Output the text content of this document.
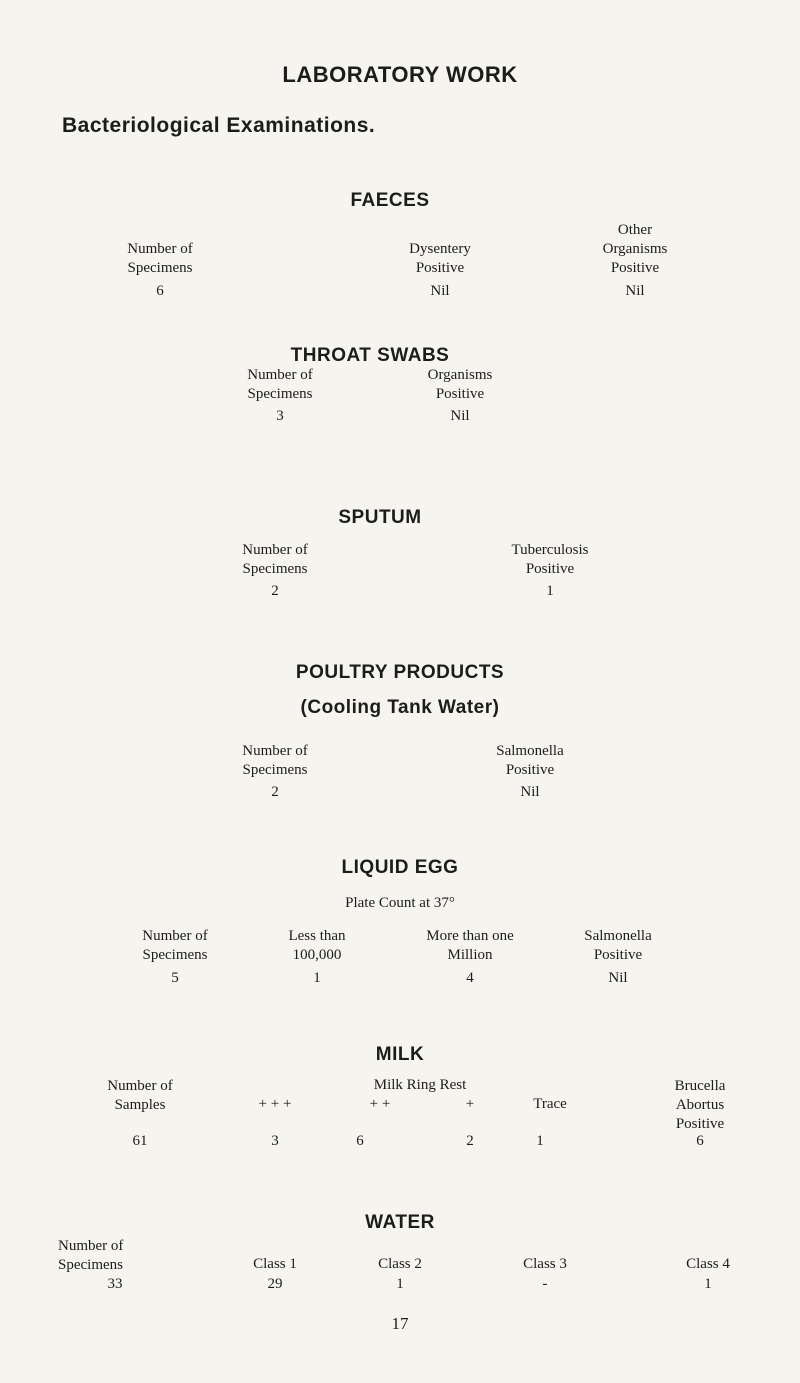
LABORATORY WORK
Bacteriological Examinations.
FAECES
Number of
Specimens
6
Dysentery
Positive
Nil
Other
Organisms
Positive
Nil
THROAT SWABS
Number of
Specimens
3
Organisms
Positive
Nil
SPUTUM
Number of
Specimens
2
Tuberculosis
Positive
1
POULTRY PRODUCTS
(Cooling Tank Water)
Number of
Specimens
2
Salmonella
Positive
Nil
LIQUID EGG
Plate Count at 37°
Number of
Specimens
5
Less than
100,000
1
More than one
Million
4
Salmonella
Positive
Nil
MILK
Milk Ring Rest
Number of
Samples
61
+ + +
3
+ +
6
+
2
Trace
1
Brucella
Abortus
Positive
6
WATER
Number of
Specimens
33
Class 1
29
Class 2
1
Class 3
-
Class 4
1
17
